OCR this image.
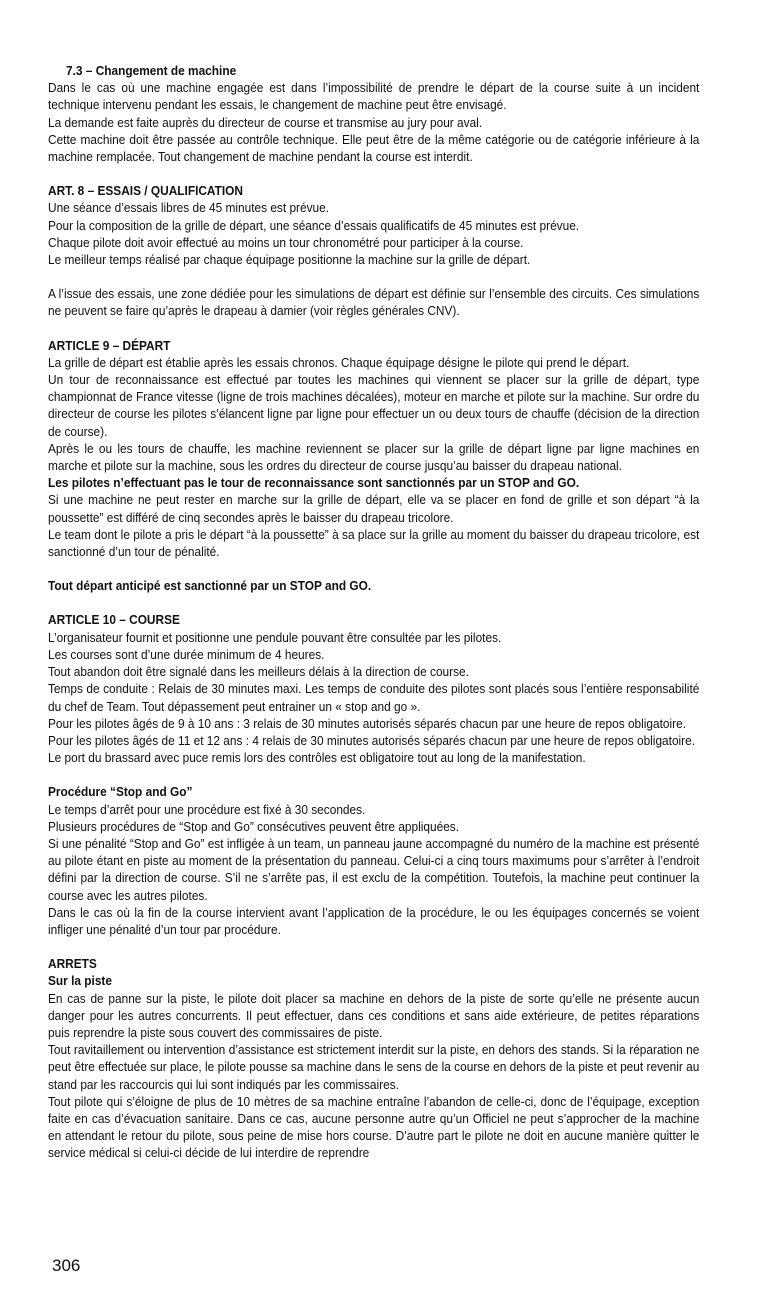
7.3 – Changement de machine

Dans le cas où une machine engagée est dans l’impossibilité de prendre le départ de la course suite à un incident technique intervenu pendant les essais, le changement de machine peut être envisagé.

La demande est faite auprès du directeur de course et transmise au jury pour aval.

Cette machine doit être passée au contrôle technique. Elle peut être de la même catégorie ou de catégorie inférieure à la machine remplacée. Tout changement de machine pendant la course est interdit.

ART. 8 – ESSAIS / QUALIFICATION

Une séance d’essais libres de 45 minutes est prévue.

Pour la composition de la grille de départ, une séance d’essais qualificatifs de 45 minutes est prévue.

Chaque pilote doit avoir effectué au moins un tour chronométré pour participer à la course.

Le meilleur temps réalisé par chaque équipage positionne la machine sur la grille de départ.

A l’issue des essais, une zone dédiée pour les simulations de départ est définie sur l’ensemble des circuits. Ces simulations ne peuvent se faire qu’après le drapeau à damier (voir règles générales CNV).

ARTICLE 9 – DÉPART

La grille de départ est établie après les essais chronos. Chaque équipage désigne le pilote qui prend le départ.

Un tour de reconnaissance est effectué par toutes les machines qui viennent se placer sur la grille de départ, type championnat de France vitesse (ligne de trois machines décalées), moteur en marche et pilote sur la machine. Sur ordre du directeur de course les pilotes s’élancent ligne par ligne pour effectuer un ou deux tours de chauffe (décision de la direction de course).

Après le ou les tours de chauffe, les machine reviennent se placer sur la grille de départ ligne par ligne machines en marche et pilote sur la machine, sous les ordres du directeur de course jusqu’au baisser du drapeau national.

Les pilotes n’effectuant pas le tour de reconnaissance sont sanctionnés par un STOP and GO.

Si une machine ne peut rester en marche sur la grille de départ, elle va se placer en fond de grille et son départ “à la poussette” est différé de cinq secondes après le baisser du drapeau tricolore.

Le team dont le pilote a pris le départ “à la poussette” à sa place sur la grille au moment du baisser du drapeau tricolore, est sanctionné d’un tour de pénalité.

Tout départ anticipé est sanctionné par un STOP and GO.

ARTICLE 10 – COURSE

L’organisateur fournit et positionne une pendule pouvant être consultée par les pilotes.

Les courses sont d’une durée minimum de 4 heures.

Tout abandon doit être signalé dans les meilleurs délais à la direction de course.

Temps de conduite : Relais de 30 minutes maxi. Les temps de conduite des pilotes sont placés sous l’entière responsabilité du chef de Team. Tout dépassement peut entrainer un « stop and go ».

Pour les pilotes âgés de 9 à 10 ans : 3 relais de 30 minutes autorisés séparés chacun par une heure de repos obligatoire.

Pour les pilotes âgés de 11 et 12 ans : 4 relais de 30 minutes autorisés séparés chacun par une heure de repos obligatoire.

Le port du brassard avec puce remis lors des contrôles est obligatoire tout au long de la manifestation.

Procédure “Stop and Go”

Le temps d’arrêt pour une procédure est fixé à 30 secondes.

Plusieurs procédures de “Stop and Go” consécutives peuvent être appliquées.

Si une pénalité “Stop and Go” est infligée à un team, un panneau jaune accompagné du numéro de la machine est présenté au pilote étant en piste au moment de la présentation du panneau. Celui-ci a cinq tours maximums pour s’arrêter à l’endroit défini par la direction de course. S’il ne s’arrête pas, il est exclu de la compétition. Toutefois, la machine peut continuer la course avec les autres pilotes.

Dans le cas où la fin de la course intervient avant l’application de la procédure, le ou les équipages concernés se voient infliger une pénalité d’un tour par procédure.

ARRETS

Sur la piste

En cas de panne sur la piste, le pilote doit placer sa machine en dehors de la piste de sorte qu’elle ne présente aucun danger pour les autres concurrents. Il peut effectuer, dans ces conditions et sans aide extérieure, de petites réparations puis reprendre la piste sous couvert des commissaires de piste.

Tout ravitaillement ou intervention d’assistance est strictement interdit sur la piste, en dehors des stands. Si la réparation ne peut être effectuée sur place, le pilote pousse sa machine dans le sens de la course en dehors de la piste et peut revenir au stand par les raccourcis qui lui sont indiqués par les commissaires.

Tout pilote qui s’éloigne de plus de 10 mètres de sa machine entraîne l’abandon de celle-ci, donc de l’équipage, exception faite en cas d’évacuation sanitaire. Dans ce cas, aucune personne autre qu’un Officiel ne peut s’approcher de la machine en attendant le retour du pilote, sous peine de mise hors course. D’autre part le pilote ne doit en aucune manière quitter le service médical si celui-ci décide de lui interdire de reprendre

306
